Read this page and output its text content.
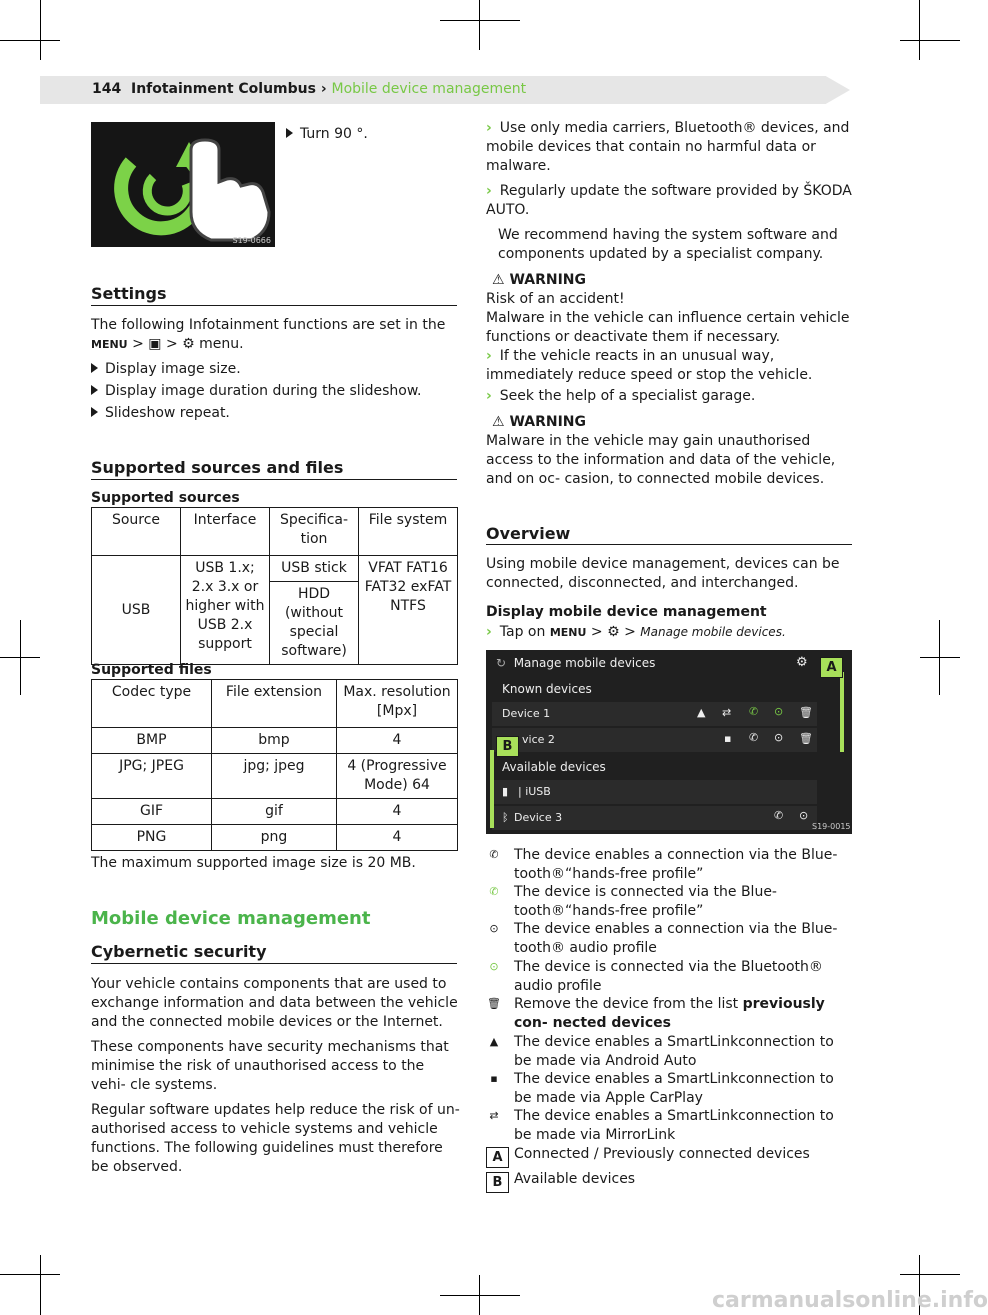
144 Infotainment Columbus › Mobile device management
S19-0666
Turn 90 °.
Settings
The following Infotainment functions are set in the
MENU > ▣ > ⚙ menu.
Display image size.
Display image duration during the slideshow.
Slideshow repeat.
Supported sources and files
Supported sources
Source	Interface	Specifica- tion	File system
USB	USB 1.x; 2.x 3.x or higher with USB 2.x support	USB stick	VFAT FAT16 FAT32 exFAT NTFS
		HDD (without special software)	
Supported files
Codec type	File extension	Max. resolution [Mpx]
BMP	bmp	4
JPG; JPEG	jpg; jpeg	4 (Progressive Mode) 64
GIF	gif	4
PNG	png	4
The maximum supported image size is 20 MB.
Mobile device management
Cybernetic security
Your vehicle contains components that are used to exchange information and data between the vehicle and the connected mobile devices or the Internet.
These components have security mechanisms that minimise the risk of unauthorised access to the vehi- cle systems.
Regular software updates help reduce the risk of un- authorised access to vehicle systems and vehicle functions. The following guidelines must therefore be observed.
› Use only media carriers, Bluetooth® devices, and mobile devices that contain no harmful data or malware.
› Regularly update the software provided by ŠKODA AUTO.
We recommend having the system software and components updated by a specialist company.
⚠ WARNING
Risk of an accident!
Malware in the vehicle can influence certain vehicle functions or deactivate them if necessary.
› If the vehicle reacts in an unusual way, immediately reduce speed or stop the vehicle.
› Seek the help of a specialist garage.
⚠ WARNING
Malware in the vehicle may gain unauthorised access to the information and data of the vehicle, and on oc- casion, to connected mobile devices.
Overview
Using mobile device management, devices can be connected, disconnected, and interchanged.
Display mobile device management
› Tap on MENU > ⚙ > Manage mobile devices.
↻ Manage mobile devices	⚙
Known devices
Device 1	▲ ⇄ ✆ ⊙ 🗑
vice 2	▪ ✆ ⊙ 🗑
Available devices
▮ | iUSB
ᛒ Device 3	✆ ⊙
S19-0015
A
B
✆ The device enables a connection via the Blue- tooth®“hands-free profile”
✆ The device is connected via the Blue- tooth®“hands-free profile”
⊙ The device enables a connection via the Blue- tooth® audio profile
⊙ The device is connected via the Bluetooth® audio profile
🗑 Remove the device from the list previously con- nected devices
▲ The device enables a SmartLinkconnection to be made via Android Auto
▪ The device enables a SmartLinkconnection to be made via Apple CarPlay
⇄ The device enables a SmartLinkconnection to be made via MirrorLink
A Connected / Previously connected devices
B Available devices
carmanualsonline.info
